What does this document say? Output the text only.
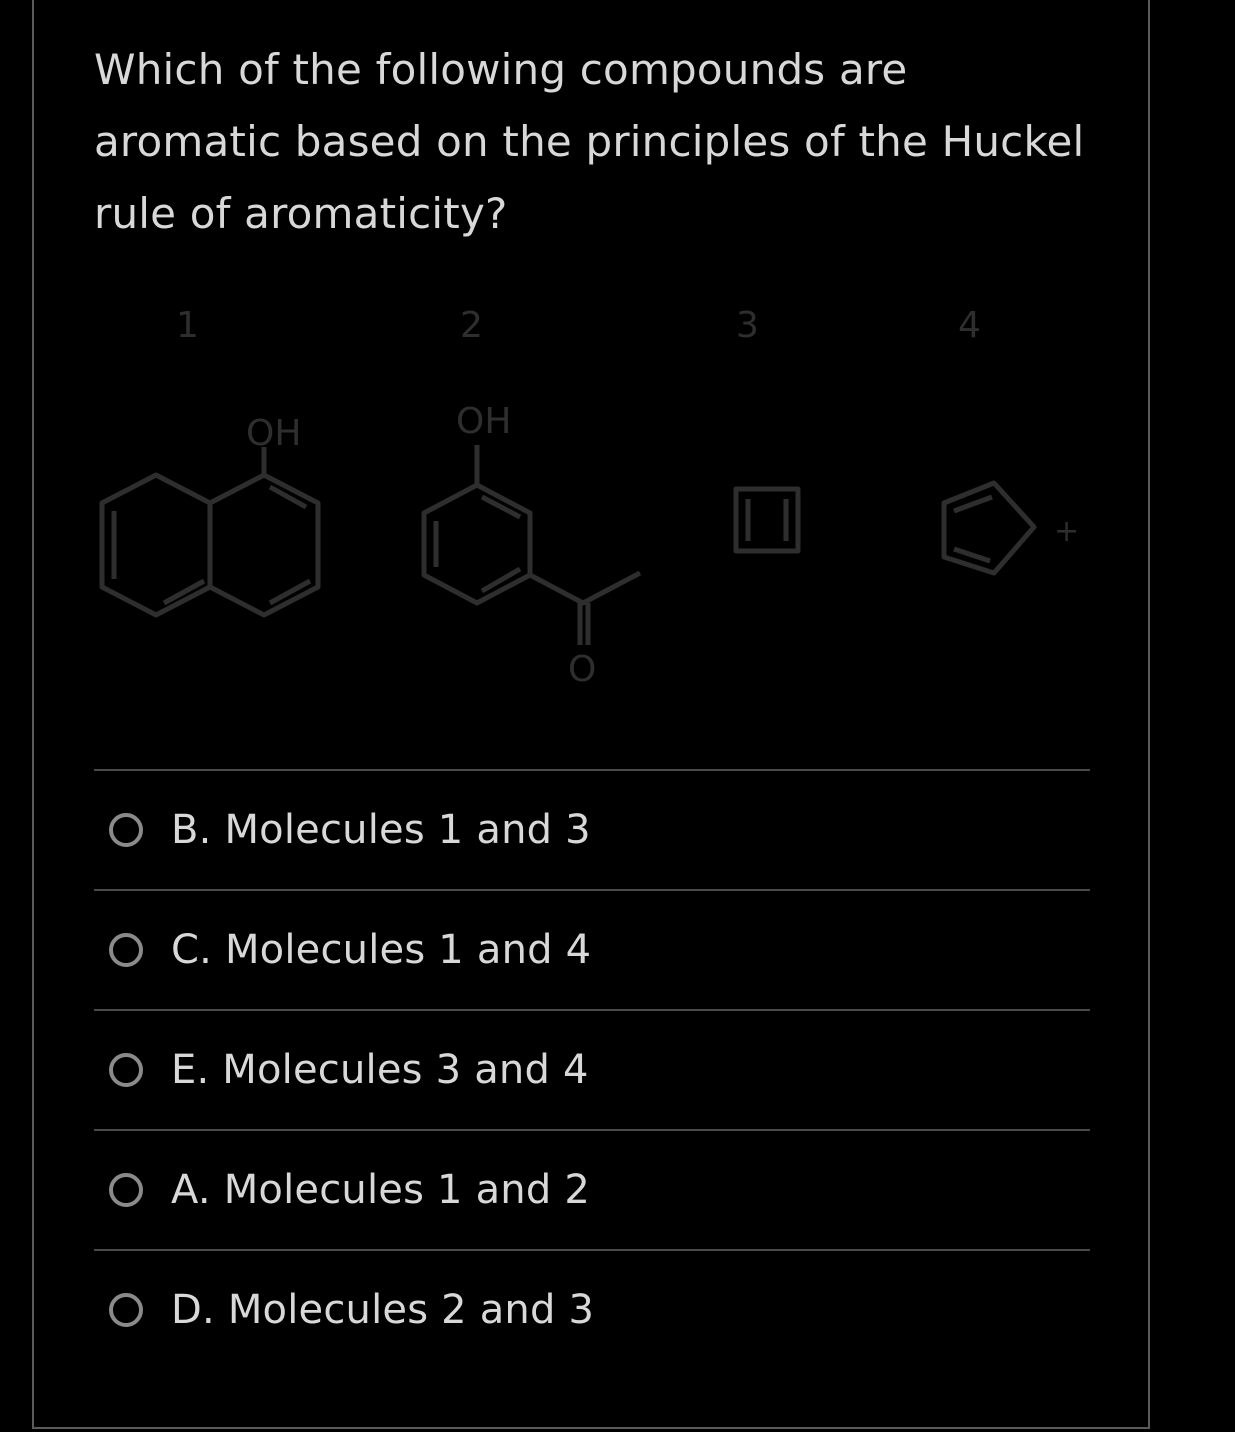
Which of the following compounds are aromatic based on the principles of the Huckel rule of aromaticity?

1
OH
2
OH
O
3	4
+
B. Molecules 1 and 3
C. Molecules 1 and 4
E. Molecules 3 and 4
A. Molecules 1 and 2
D. Molecules 2 and 3
